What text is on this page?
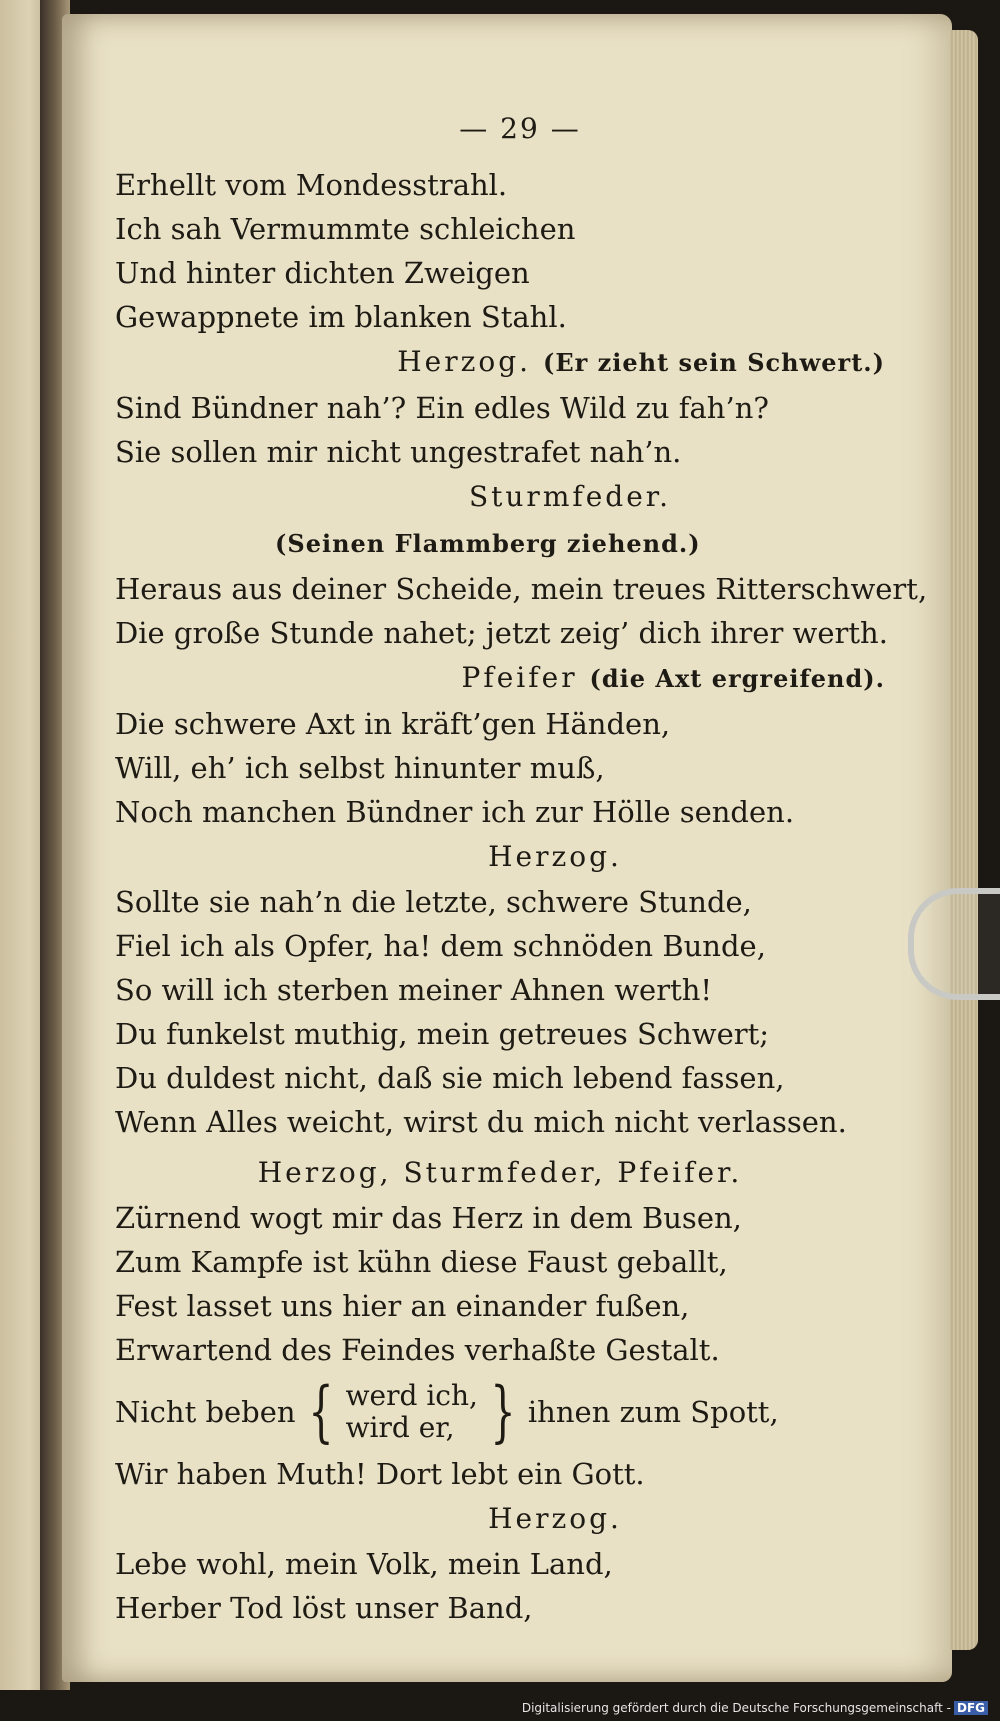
— 29 —
Erhellt vom Mondesstrahl.
Ich sah Vermummte schleichen
Und hinter dichten Zweigen
Gewappnete im blanken Stahl.
Herzog. (Er zieht sein Schwert.)
Sind Bündner nah’? Ein edles Wild zu fah’n?
Sie sollen mir nicht ungestrafet nah’n.
Sturmfeder.
(Seinen Flammberg ziehend.)
Heraus aus deiner Scheide, mein treues Ritterschwert,
Die große Stunde nahet; jetzt zeig’ dich ihrer werth.
Pfeifer (die Axt ergreifend).
Die schwere Axt in kräft’gen Händen,
Will, eh’ ich selbst hinunter muß,
Noch manchen Bündner ich zur Hölle senden.
Herzog.
Sollte sie nah’n die letzte, schwere Stunde,
Fiel ich als Opfer, ha! dem schnöden Bunde,
So will ich sterben meiner Ahnen werth!
Du funkelst muthig, mein getreues Schwert;
Du duldest nicht, daß sie mich lebend fassen,
Wenn Alles weicht, wirst du mich nicht verlassen.
Herzog, Sturmfeder, Pfeifer.
Zürnend wogt mir das Herz in dem Busen,
Zum Kampfe ist kühn diese Faust geballt,
Fest lasset uns hier an einander fußen,
Erwartend des Feindes verhaßte Gestalt.
Nicht beben { werd ich,
wird er, } ihnen zum Spott,
Wir haben Muth! Dort lebt ein Gott.
Herzog.
Lebe wohl, mein Volk, mein Land,
Herber Tod löst unser Band,
Digitalisierung gefördert durch die Deutsche Forschungsgemeinschaft - DFG
